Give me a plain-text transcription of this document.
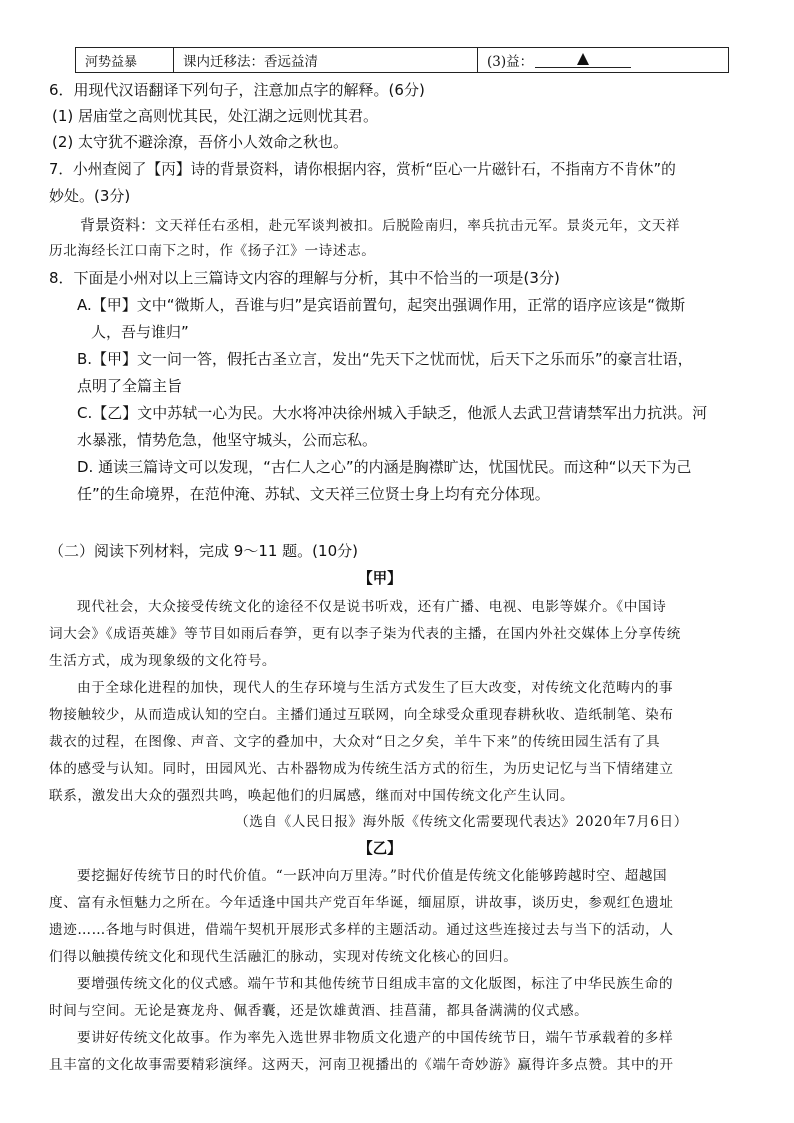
河势益暴	课内迁移法：香远益清	(3)益：
6．用现代汉语翻译下列句子，注意加点字的解释。(6分)
(1) 居庙堂之高则忧其民，处江湖之远则忧其君。
(2) 太守犹不避涂潦，吾侪小人效命之秋也。
7．小州查阅了【丙】诗的背景资料，请你根据内容，赏析“臣心一片磁针石，不指南方不肯休”的
妙处。(3分)
背景资料：文天祥任右丞相，赴元军谈判被扣。后脱险南归，率兵抗击元军。景炎元年，文天祥
历北海经长江口南下之时，作《扬子江》一诗述志。
8．下面是小州对以上三篇诗文内容的理解与分析，其中不恰当的一项是(3分)
A.【甲】文中“微斯人，吾谁与归”是宾语前置句，起突出强调作用，正常的语序应该是“微斯
人，吾与谁归”
B.【甲】文一问一答，假托古圣立言，发出“先天下之忧而忧，后天下之乐而乐”的豪言壮语，
点明了全篇主旨
C.【乙】文中苏轼一心为民。大水将冲决徐州城入手缺乏，他派人去武卫营请禁军出力抗洪。河
水暴涨，情势危急，他坚守城头，公而忘私。
D. 通读三篇诗文可以发现，“古仁人之心”的内涵是胸襟旷达，忧国忧民。而这种“以天下为己
任”的生命境界，在范仲淹、苏轼、文天祥三位贤士身上均有充分体现。
（二）阅读下列材料，完成 9～11 题。(10分)
【甲】
现代社会，大众接受传统文化的途径不仅是说书听戏，还有广播、电视、电影等媒介。《中国诗
词大会》《成语英雄》等节目如雨后春笋，更有以李子柒为代表的主播，在国内外社交媒体上分享传统
生活方式，成为现象级的文化符号。
由于全球化进程的加快，现代人的生存环境与生活方式发生了巨大改变，对传统文化范畴内的事
物接触较少，从而造成认知的空白。主播们通过互联网，向全球受众重现春耕秋收、造纸制笔、染布
裁衣的过程，在图像、声音、文字的叠加中，大众对“日之夕矣，羊牛下来”的传统田园生活有了具
体的感受与认知。同时，田园风光、古朴器物成为传统生活方式的衍生，为历史记忆与当下情绪建立
联系，激发出大众的强烈共鸣，唤起他们的归属感，继而对中国传统文化产生认同。
（选自《人民日报》海外版《传统文化需要现代表达》2020年7月6日）
【乙】
要挖掘好传统节日的时代价值。“一跃冲向万里涛。”时代价值是传统文化能够跨越时空、超越国
度、富有永恒魅力之所在。今年适逢中国共产党百年华诞，缅屈原，讲故事，谈历史，参观红色遗址
遗迹……各地与时俱进，借端午契机开展形式多样的主题活动。通过这些连接过去与当下的活动，人
们得以触摸传统文化和现代生活融汇的脉动，实现对传统文化核心的回归。
要增强传统文化的仪式感。端午节和其他传统节日组成丰富的文化版图，标注了中华民族生命的
时间与空间。无论是赛龙舟、佩香囊，还是饮雄黄酒、挂菖蒲，都具备满满的仪式感。
要讲好传统文化故事。作为率先入选世界非物质文化遗产的中国传统节日，端午节承载着的多样
且丰富的文化故事需要精彩演绎。这两天，河南卫视播出的《端午奇妙游》赢得许多点赞。其中的开
